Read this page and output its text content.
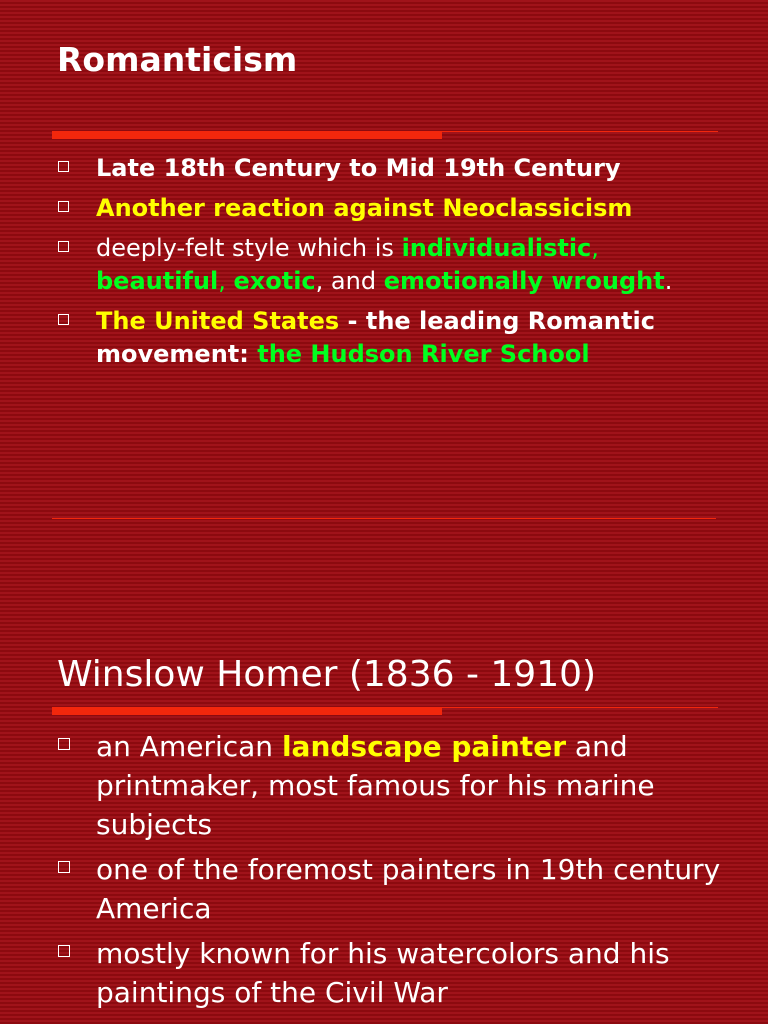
Romanticism
Late 18th Century to Mid 19th Century
Another reaction against Neoclassicism
deeply-felt style which is individualistic, beautiful, exotic, and emotionally wrought.
The United States - the leading Romantic movement: the Hudson River School
Winslow Homer (1836 - 1910)
an American landscape painter and printmaker, most famous for his marine subjects
one of the foremost painters in 19th century America
mostly known for his watercolors and his paintings of the Civil War
